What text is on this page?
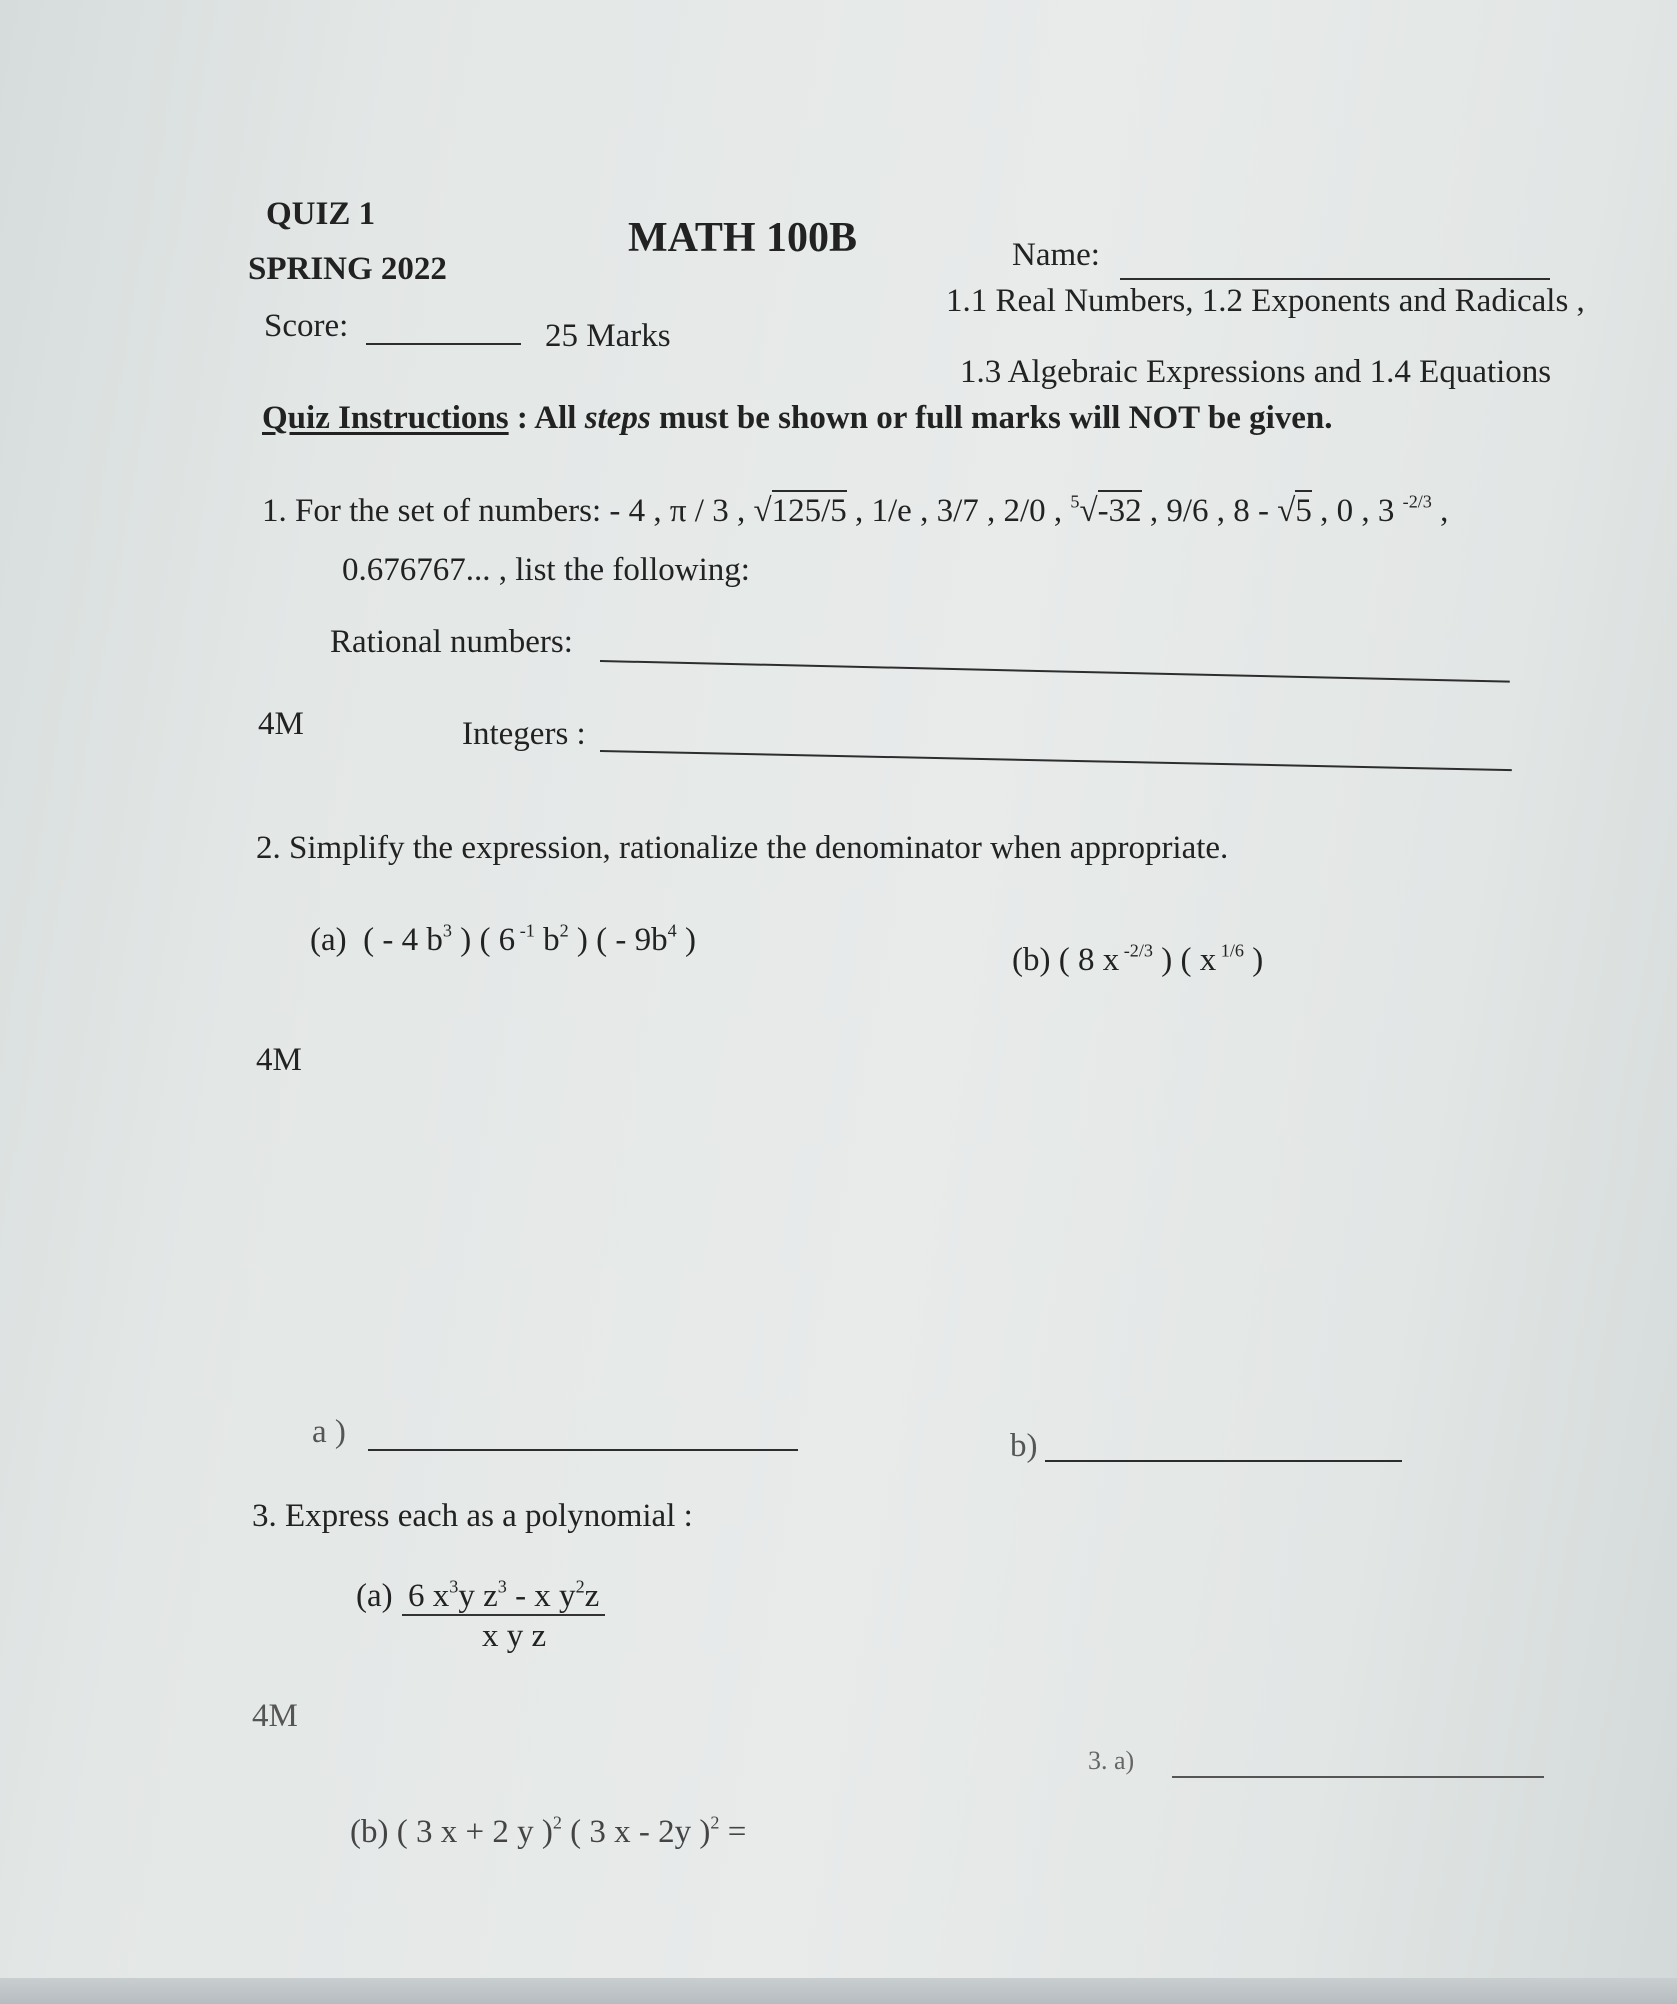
QUIZ 1
MATH 100B
SPRING 2022	Name:
1.1 Real Numbers, 1.2 Exponents and Radicals ,
Score:	25 Marks
1.3 Algebraic Expressions and 1.4 Equations
Quiz Instructions : All steps must be shown or full marks will NOT be given.
1. For the set of numbers: - 4 , π / 3 , √125/5 , 1/e , 3/7 , 2/0 , $^5$√-32 , 9/6 , 8 - √5 , 0 , 3 $^{-2/3}$ ,
0.676767... , list the following:
Rational numbers:
4M	Integers :
2. Simplify the expression, rationalize the denominator when appropriate.
(a) ( - 4 $b^3$ ) ( 6 $^{-1}$ $b^2$ ) ( - $9b^4$ )
(b) ( 8 x $^{-2/3}$ ) ( x $^{1/6}$ )
4M
a )	b)
3. Express each as a polynomial :
(a) 6 $x^3y$ $z^3$ - x $y^2z$
x y z
4M
3. a)
(b) ( 3 x + 2 y )$^2$ ( 3 x - 2y )$^2$ =
